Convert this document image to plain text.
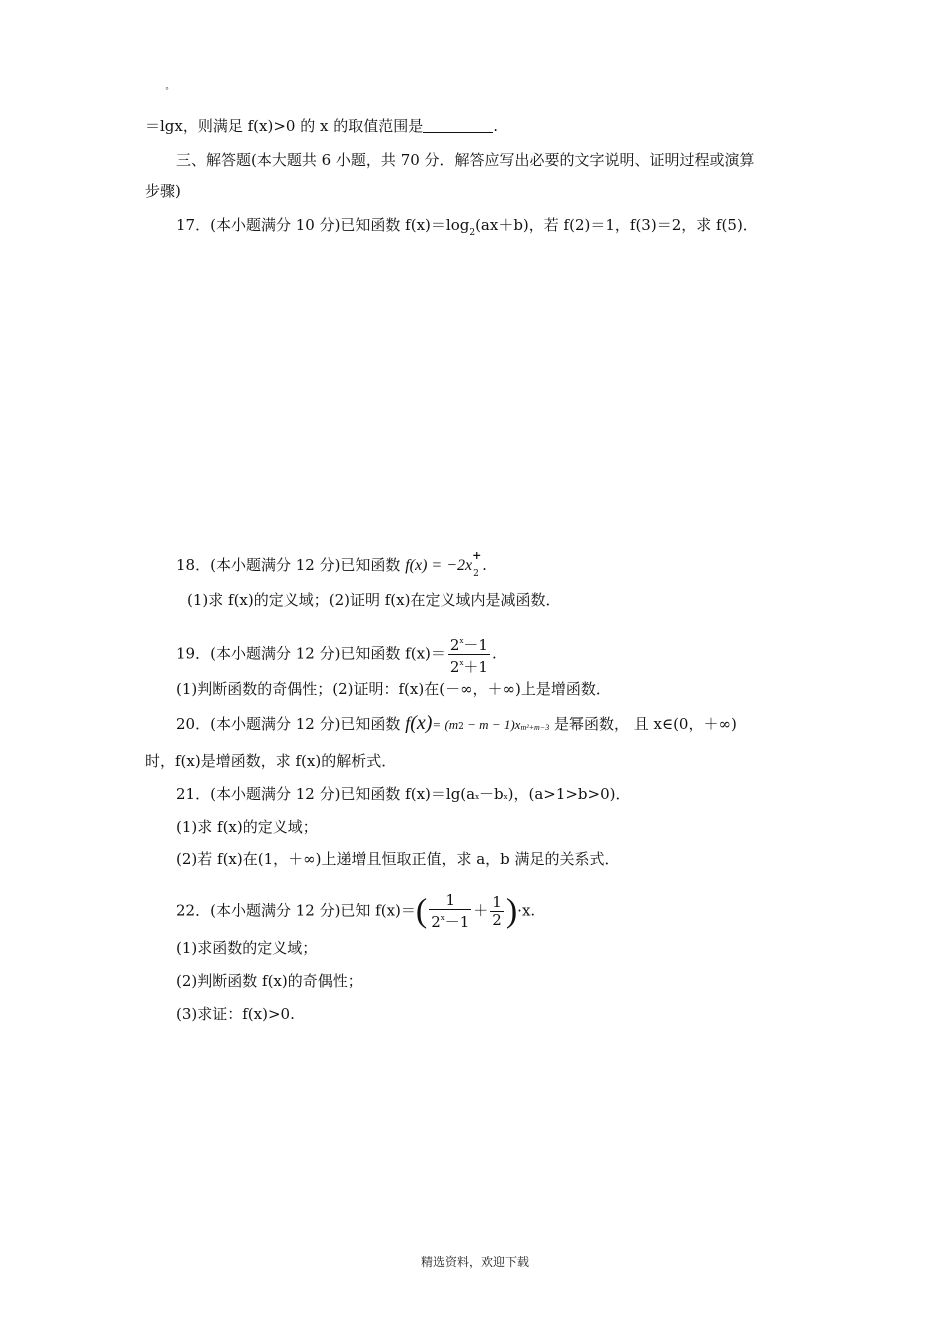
°
＝lgx，则满足 f(x)>0 的 x 的取值范围是	.
三、解答题(本大题共 6 小题，共 70 分．解答应写出必要的文字说明、证明过程或演算
步骤)
17．(本小题满分 10 分)已知函数 $f(x)=\log_2(ax+b)$，若 f(2)＝1，f(3)＝2，求 f(5)．
18．(本小题满分 12 分)已知函数 f(x) = −2x
+
2 .
(1)求 f(x)的定义域；(2)证明 f(x)在定义域内是减函数．
19．(本小题满分 12 分)已知函数 $f(x)= \frac{2^x-1}{2^x+1}$ .
(1)判断函数的奇偶性；(2)证明：f(x)在(－∞，＋∞)上是增函数．
20．(本小题满分 12 分)已知函数 f(x)= (m2 − m − 1)xm²+m−3 是幂函数， 且 x∈(0，＋∞)
时，f(x)是增函数，求 f(x)的解析式．
21．(本小题满分 12 分)已知函数 f(x)＝lg(ax－bx)，(a>1>b>0)．
(1)求 f(x)的定义域；
(2)若 f(x)在(1，＋∞)上递增且恒取正值，求 a，b 满足的关系式．
22．(本小题满分 12 分)已知 $f(x)=( \frac{1}{2^x-1} + \frac{1}{2} )\cdot x$.
(1)求函数的定义域；
(2)判断函数 f(x)的奇偶性；
(3)求证：f(x)>0.
精选资料，欢迎下载
